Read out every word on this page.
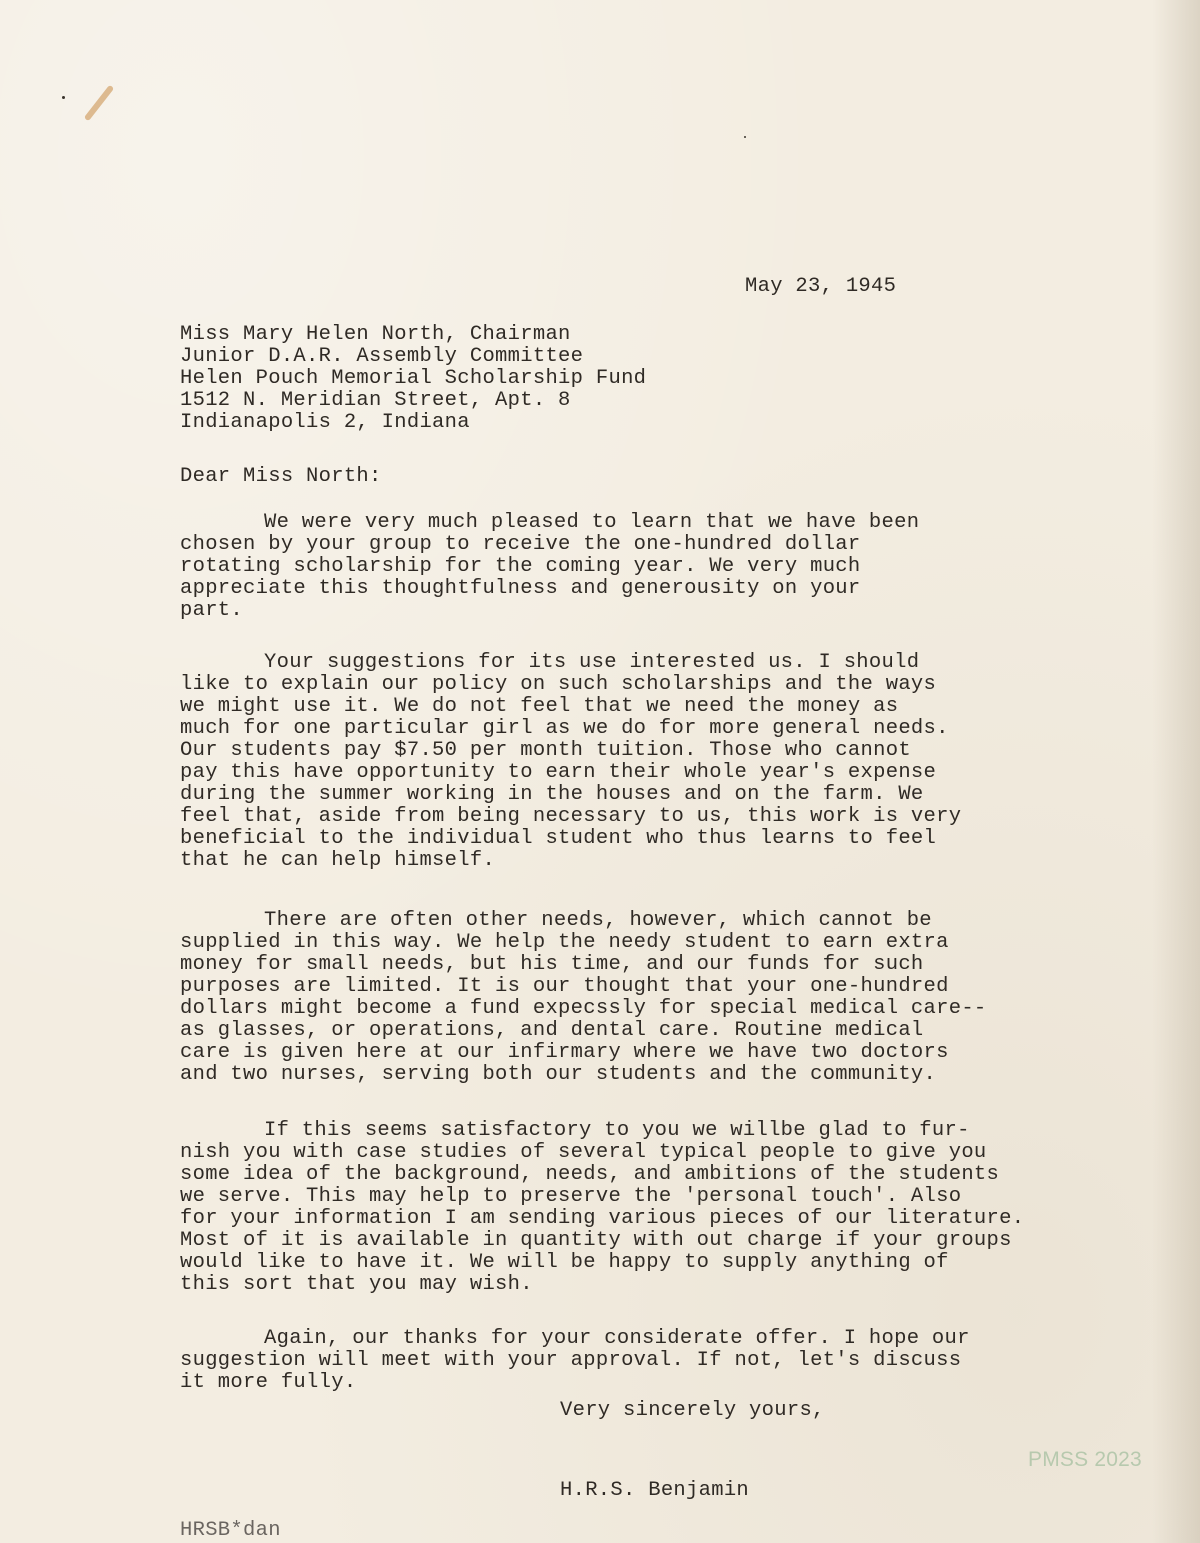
May 23, 1945

Miss Mary Helen North, Chairman

Junior D.A.R. Assembly Committee

Helen Pouch Memorial Scholarship Fund

1512 N. Meridian Street, Apt. 8

Indianapolis 2, Indiana

Dear Miss North:

We were very much pleased to learn that we have been
chosen by your group to receive the one-hundred dollar
rotating scholarship for the coming year. We very much
appreciate this thoughtfulness and generousity on your
part.

Your suggestions for its use interested us. I should
like to explain our policy on such scholarships and the ways
we might use it. We do not feel that we need the money as
much for one particular girl as we do for more general needs.
Our students pay $7.50 per month tuition. Those who cannot
pay this have opportunity to earn their whole year's expense
during the summer working in the houses and on the farm. We
feel that, aside from being necessary to us, this work is very
beneficial to the individual student who thus learns to feel
that he can help himself.

There are often other needs, however, which cannot be
supplied in this way. We help the needy student to earn extra
money for small needs, but his time, and our funds for such
purposes are limited. It is our thought that your one-hundred
dollars might become a fund expecssly for special medical care--
as glasses, or operations, and dental care. Routine medical
care is given here at our infirmary where we have two doctors
and two nurses, serving both our students and the community.

If this seems satisfactory to you we willbe glad to fur-
nish you with case studies of several typical people to give you
some idea of the background, needs, and ambitions of the students
we serve. This may help to preserve the 'personal touch'. Also
for your information I am sending various pieces of our literature.
Most of it is available in quantity with out charge if your groups
would like to have it. We will be happy to supply anything of
this sort that you may wish.

Again, our thanks for your considerate offer. I hope our
suggestion will meet with your approval. If not, let's discuss
it more fully.

Very sincerely yours,

H.R.S. Benjamin

HRSB*dan

PMSS 2023
